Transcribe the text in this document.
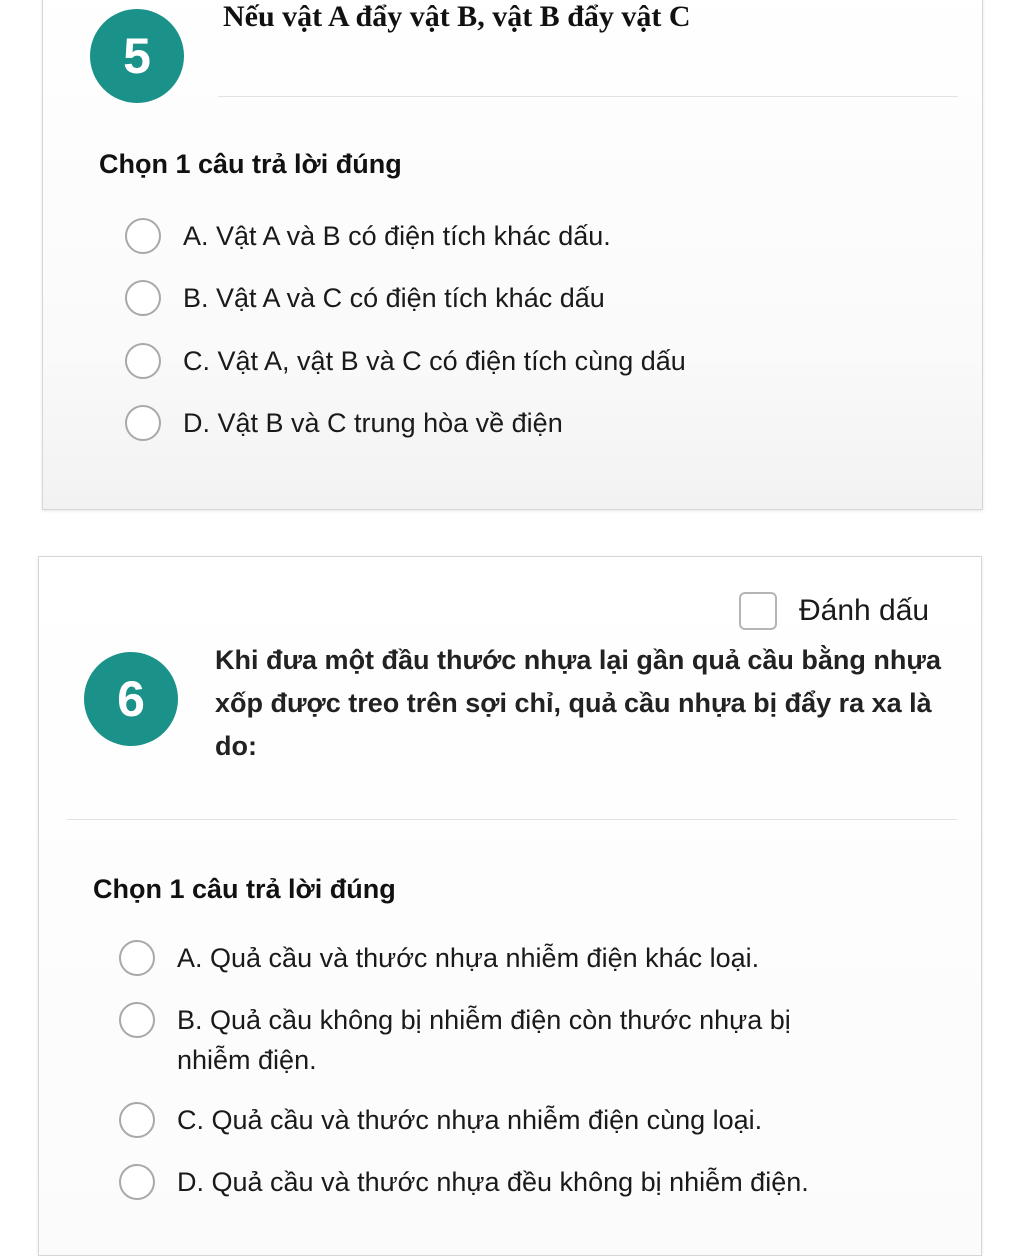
5
Nếu vật A đẩy vật B, vật B đẩy vật C
Chọn 1 câu trả lời đúng
A. Vật A và B có điện tích khác dấu.
B. Vật A và C có điện tích khác dấu
C. Vật A, vật B và C có điện tích cùng dấu
D. Vật B và C trung hòa về điện
Đánh dấu
6
Khi đưa một đầu thước nhựa lại gần quả cầu bằng nhựa xốp được treo trên sợi chỉ, quả cầu nhựa bị đẩy ra xa là do:
Chọn 1 câu trả lời đúng
A. Quả cầu và thước nhựa nhiễm điện khác loại.
B. Quả cầu không bị nhiễm điện còn thước nhựa bị nhiễm điện.
C. Quả cầu và thước nhựa nhiễm điện cùng loại.
D. Quả cầu và thước nhựa đều không bị nhiễm điện.
